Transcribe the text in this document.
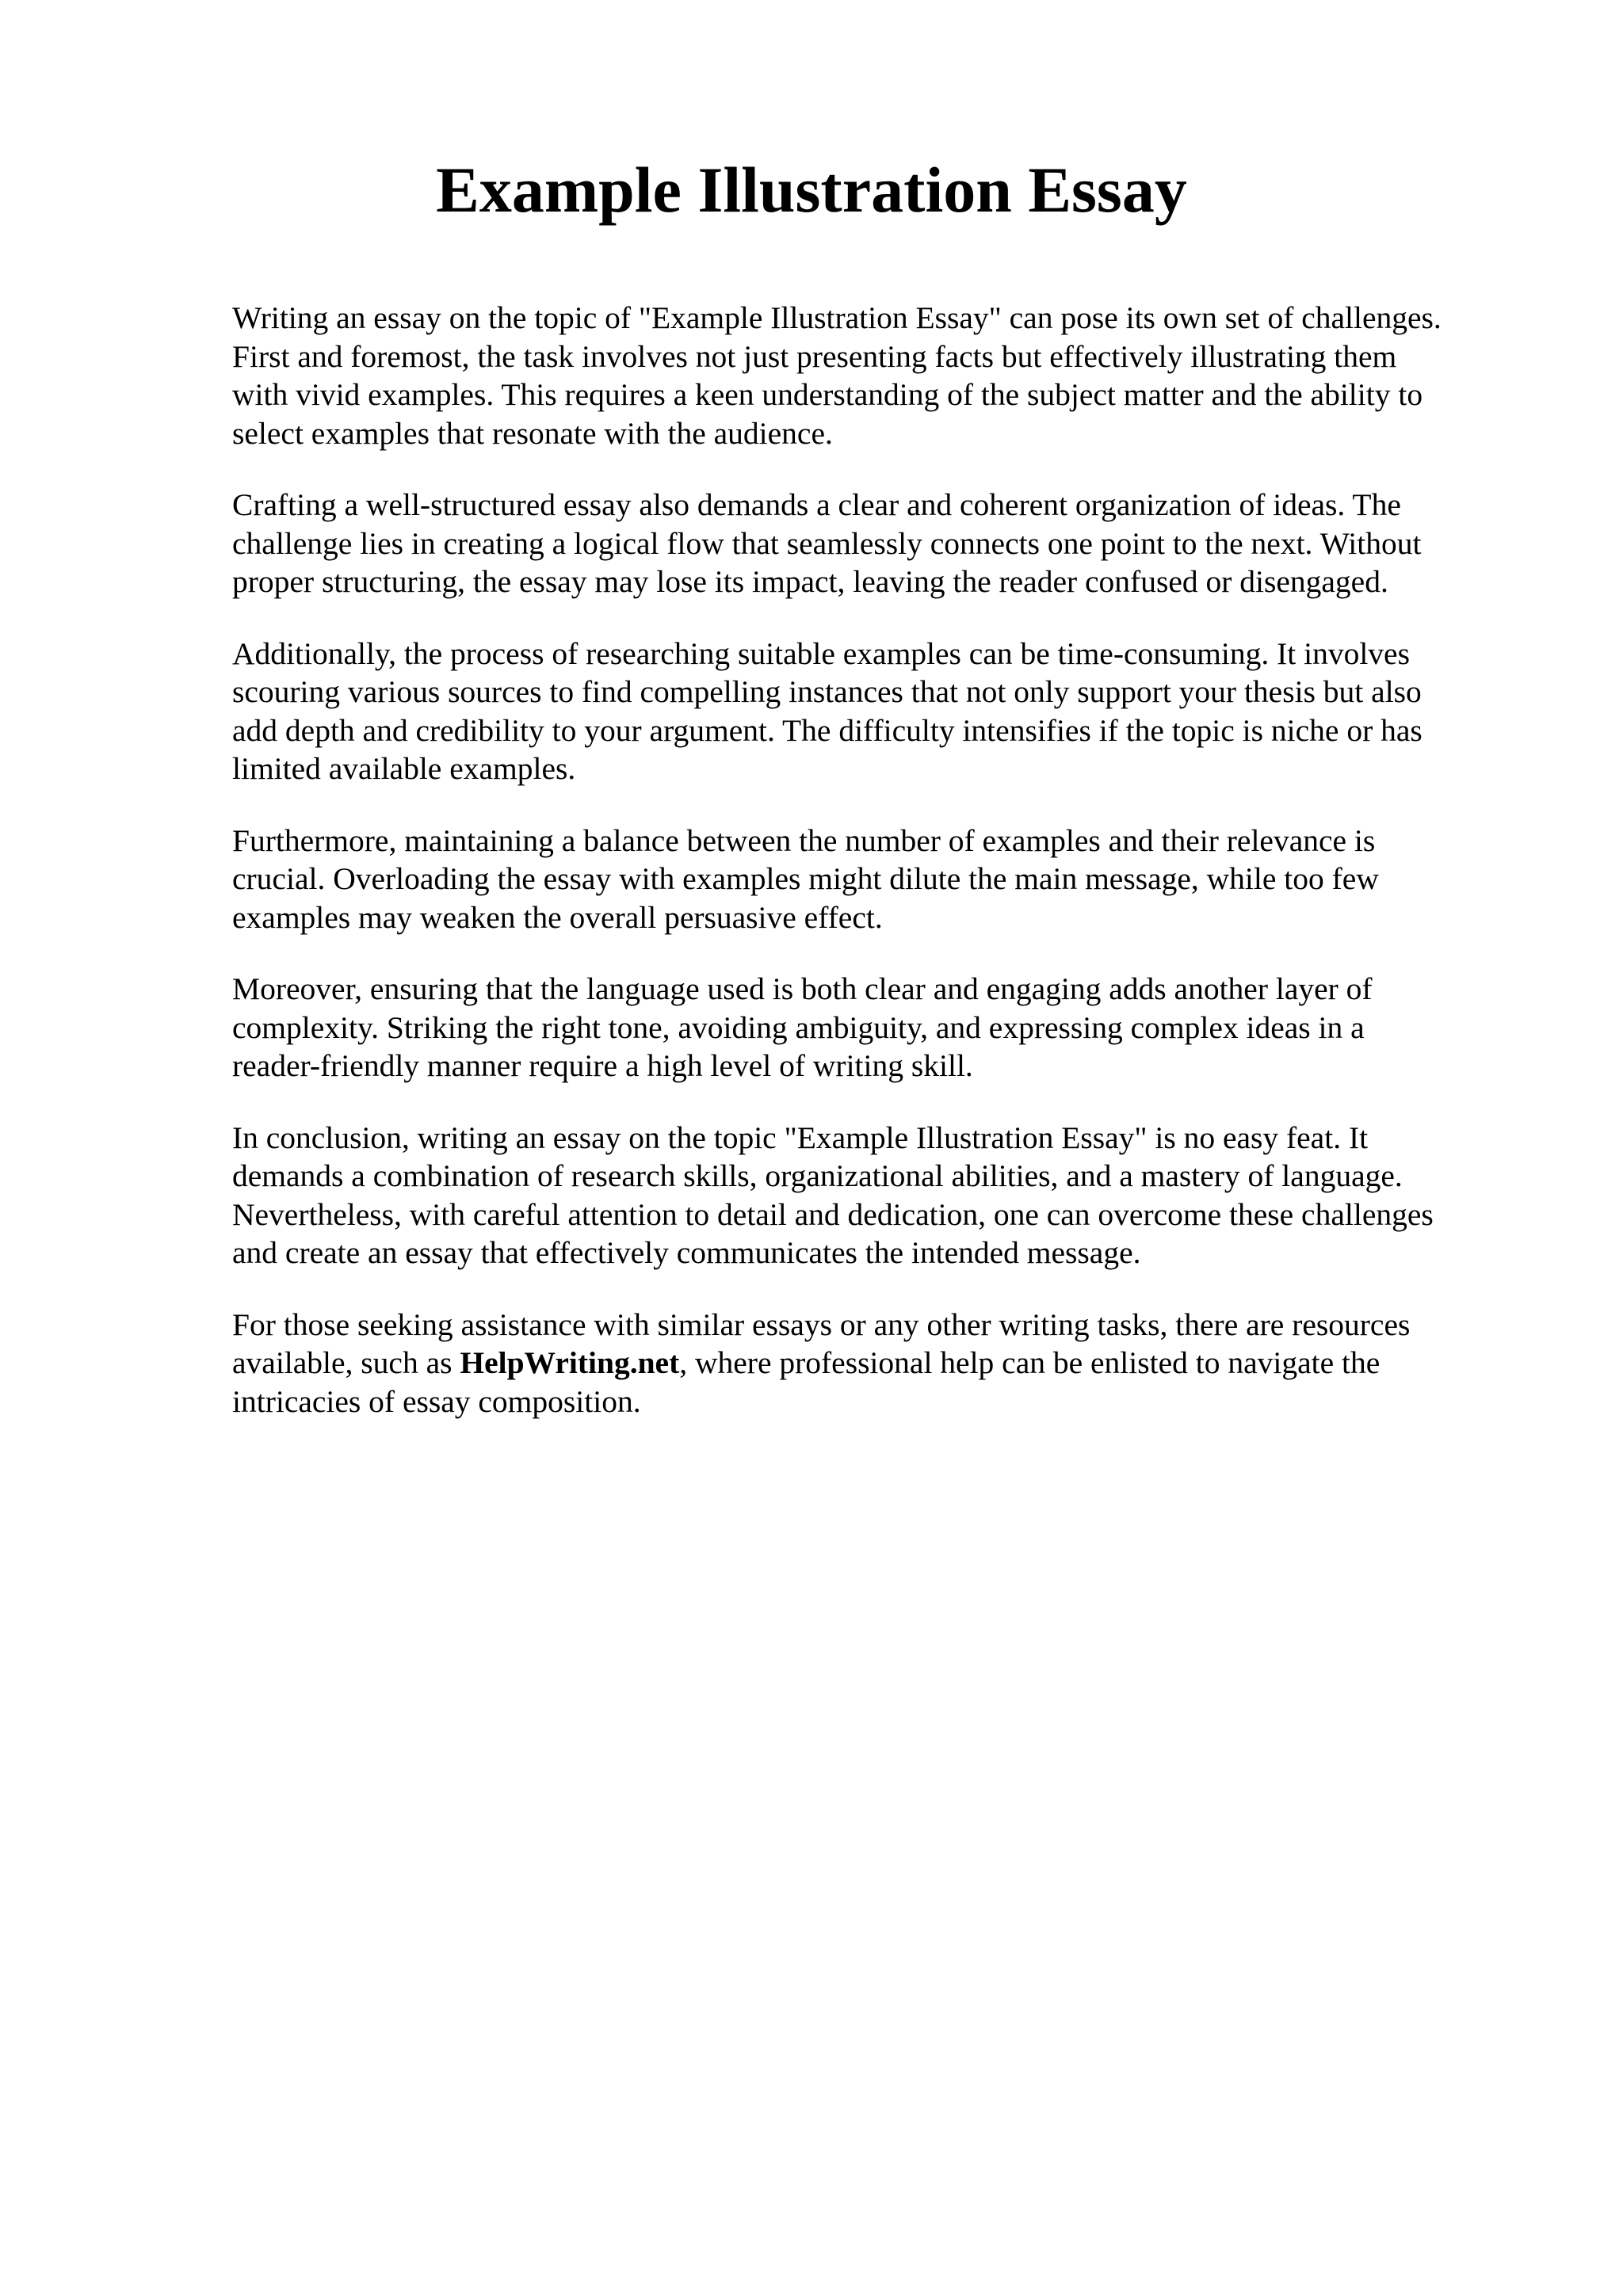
Example Illustration Essay

Writing an essay on the topic of "Example Illustration Essay" can pose its own set of challenges.
First and foremost, the task involves not just presenting facts but effectively illustrating them
with vivid examples. This requires a keen understanding of the subject matter and the ability to
select examples that resonate with the audience.

Crafting a well-structured essay also demands a clear and coherent organization of ideas. The
challenge lies in creating a logical flow that seamlessly connects one point to the next. Without
proper structuring, the essay may lose its impact, leaving the reader confused or disengaged.

Additionally, the process of researching suitable examples can be time-consuming. It involves
scouring various sources to find compelling instances that not only support your thesis but also
add depth and credibility to your argument. The difficulty intensifies if the topic is niche or has
limited available examples.

Furthermore, maintaining a balance between the number of examples and their relevance is
crucial. Overloading the essay with examples might dilute the main message, while too few
examples may weaken the overall persuasive effect.

Moreover, ensuring that the language used is both clear and engaging adds another layer of
complexity. Striking the right tone, avoiding ambiguity, and expressing complex ideas in a
reader-friendly manner require a high level of writing skill.

In conclusion, writing an essay on the topic "Example Illustration Essay" is no easy feat. It
demands a combination of research skills, organizational abilities, and a mastery of language.
Nevertheless, with careful attention to detail and dedication, one can overcome these challenges
and create an essay that effectively communicates the intended message.

For those seeking assistance with similar essays or any other writing tasks, there are resources
available, such as HelpWriting.net, where professional help can be enlisted to navigate the
intricacies of essay composition.
